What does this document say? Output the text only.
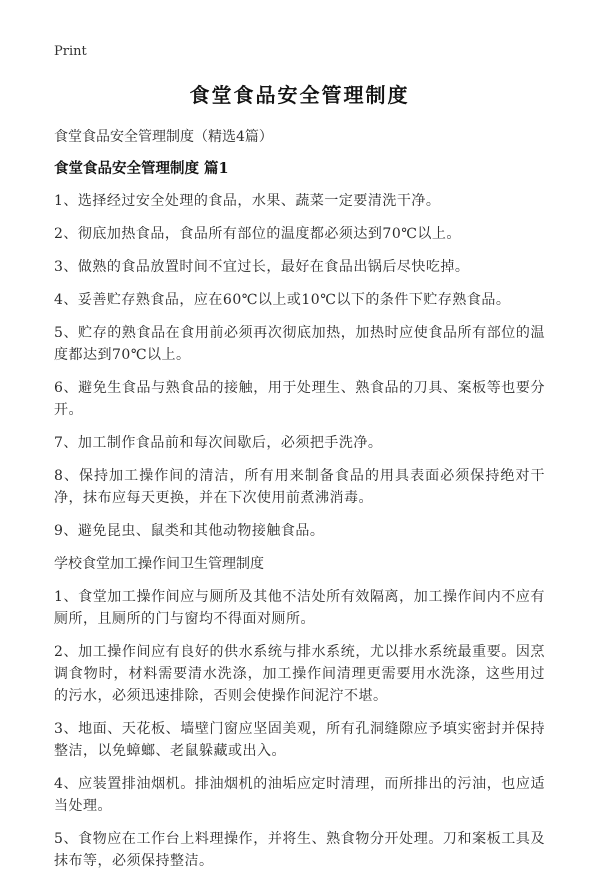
Print
食堂食品安全管理制度

食堂食品安全管理制度（精选4篇）

食堂食品安全管理制度 篇1

1、选择经过安全处理的食品，水果、蔬菜一定要清洗干净。

2、彻底加热食品，食品所有部位的温度都必须达到70℃以上。

3、做熟的食品放置时间不宜过长，最好在食品出锅后尽快吃掉。

4、妥善贮存熟食品，应在60℃以上或10℃以下的条件下贮存熟食品。

5、贮存的熟食品在食用前必须再次彻底加热，加热时应使食品所有部位的温度都达到70℃以上。

6、避免生食品与熟食品的接触，用于处理生、熟食品的刀具、案板等也要分开。

7、加工制作食品前和每次间歇后，必须把手洗净。

8、保持加工操作间的清洁，所有用来制备食品的用具表面必须保持绝对干净，抹布应每天更换，并在下次使用前煮沸消毒。

9、避免昆虫、鼠类和其他动物接触食品。

学校食堂加工操作间卫生管理制度

1、食堂加工操作间应与厕所及其他不洁处所有效隔离，加工操作间内不应有厕所，且厕所的门与窗均不得面对厕所。

2、加工操作间应有良好的供水系统与排水系统，尤以排水系统最重要。因烹调食物时，材料需要清水洗涤，加工操作间清理更需要用水洗涤，这些用过的污水，必须迅速排除，否则会使操作间泥泞不堪。

3、地面、天花板、墙壁门窗应坚固美观，所有孔洞缝隙应予填实密封并保持整洁，以免蟑螂、老鼠躲藏或出入。

4、应装置排油烟机。排油烟机的油垢应定时清理，而所排出的污油，也应适当处理。

5、食物应在工作台上料理操作，并将生、熟食物分开处理。刀和案板工具及抹布等，必须保持整洁。
